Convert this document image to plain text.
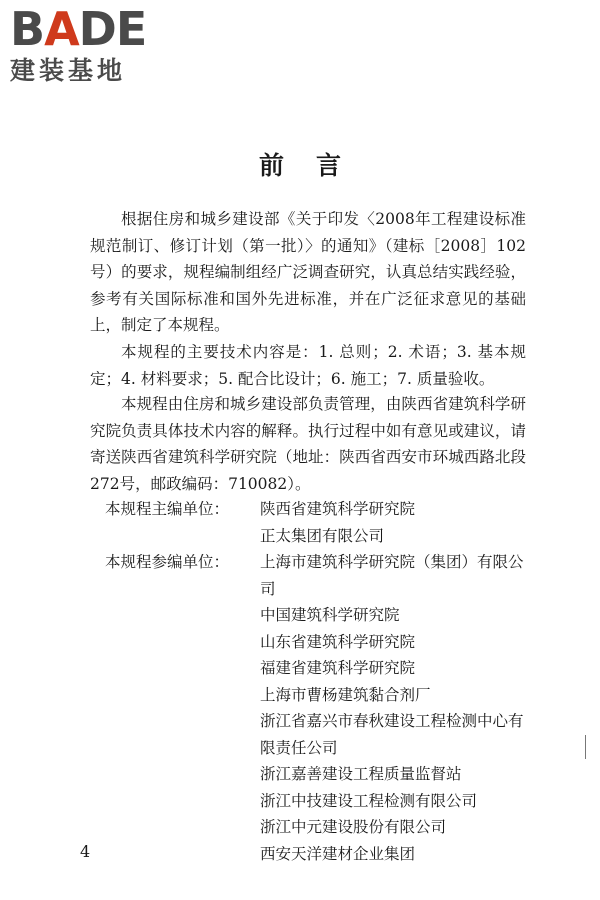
BADE
建装基地
前言

根据住房和城乡建设部《关于印发〈2008年工程建设标准规范制订、修订计划（第一批）〉的通知》（建标［2008］102号）的要求，规程编制组经广泛调查研究，认真总结实践经验，参考有关国际标准和国外先进标准，并在广泛征求意见的基础上，制定了本规程。

本规程的主要技术内容是：1. 总则；2. 术语；3. 基本规定；4. 材料要求；5. 配合比设计；6. 施工；7. 质量验收。

本规程由住房和城乡建设部负责管理，由陕西省建筑科学研究院负责具体技术内容的解释。执行过程中如有意见或建议，请寄送陕西省建筑科学研究院（地址：陕西省西安市环城西路北段272号，邮政编码：710082）。

本规程主编单位：	陕西省建筑科学研究院
正太集团有限公司
本规程参编单位：	上海市建筑科学研究院（集团）有限公司
中国建筑科学研究院
山东省建筑科学研究院
福建省建筑科学研究院
上海市曹杨建筑黏合剂厂
浙江省嘉兴市春秋建设工程检测中心有限责任公司
浙江嘉善建设工程质量监督站
浙江中技建设工程检测有限公司
浙江中元建设股份有限公司
西安天洋建材企业集团
4
